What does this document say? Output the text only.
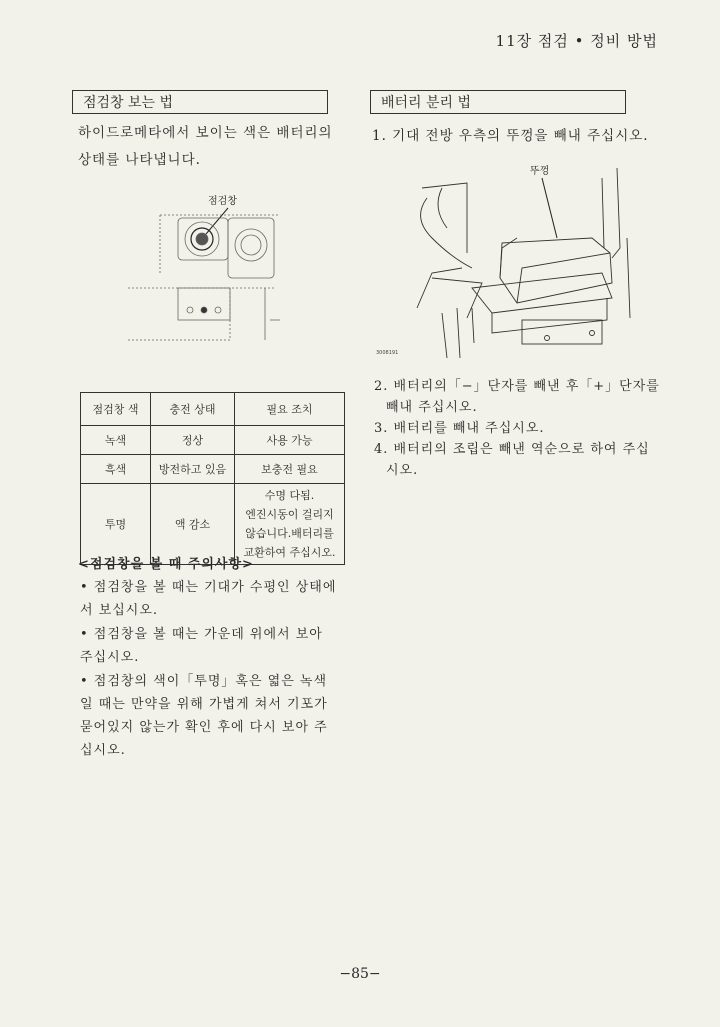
11장 점검 • 정비 방법
점검창 보는 법
하이드로메타에서 보이는 색은 배터리의
상태를 나타냅니다.
점검창
점검창 색	충전 상태	필요 조치
녹색	정상	사용 가능
흑색	방전하고 있음	보충전 필요
투명	액 감소	수명 다됨.
엔진시동이 걸리지
않습니다.배터리를
교환하여 주십시오.
<점검창을 볼 때 주의사항>
• 점검창을 볼 때는 기대가 수평인 상태에
서 보십시오.
• 점검창을 볼 때는 가운데 위에서 보아
주십시오.
• 점검창의 색이「투명」혹은 엷은 녹색
일 때는 만약을 위해 가볍게 쳐서 기포가
묻어있지 않는가 확인 후에 다시 보아 주
십시오.
배터리 분리 법
1. 기대 전방 우측의 뚜껑을 빼내 주십시오.
뚜껑
3008191
2. 배터리의「−」단자를 빼낸 후「+」단자를
빼내 주십시오.
3. 배터리를 빼내 주십시오.
4. 배터리의 조립은 빼낸 역순으로 하여 주십
시오.
−85−
